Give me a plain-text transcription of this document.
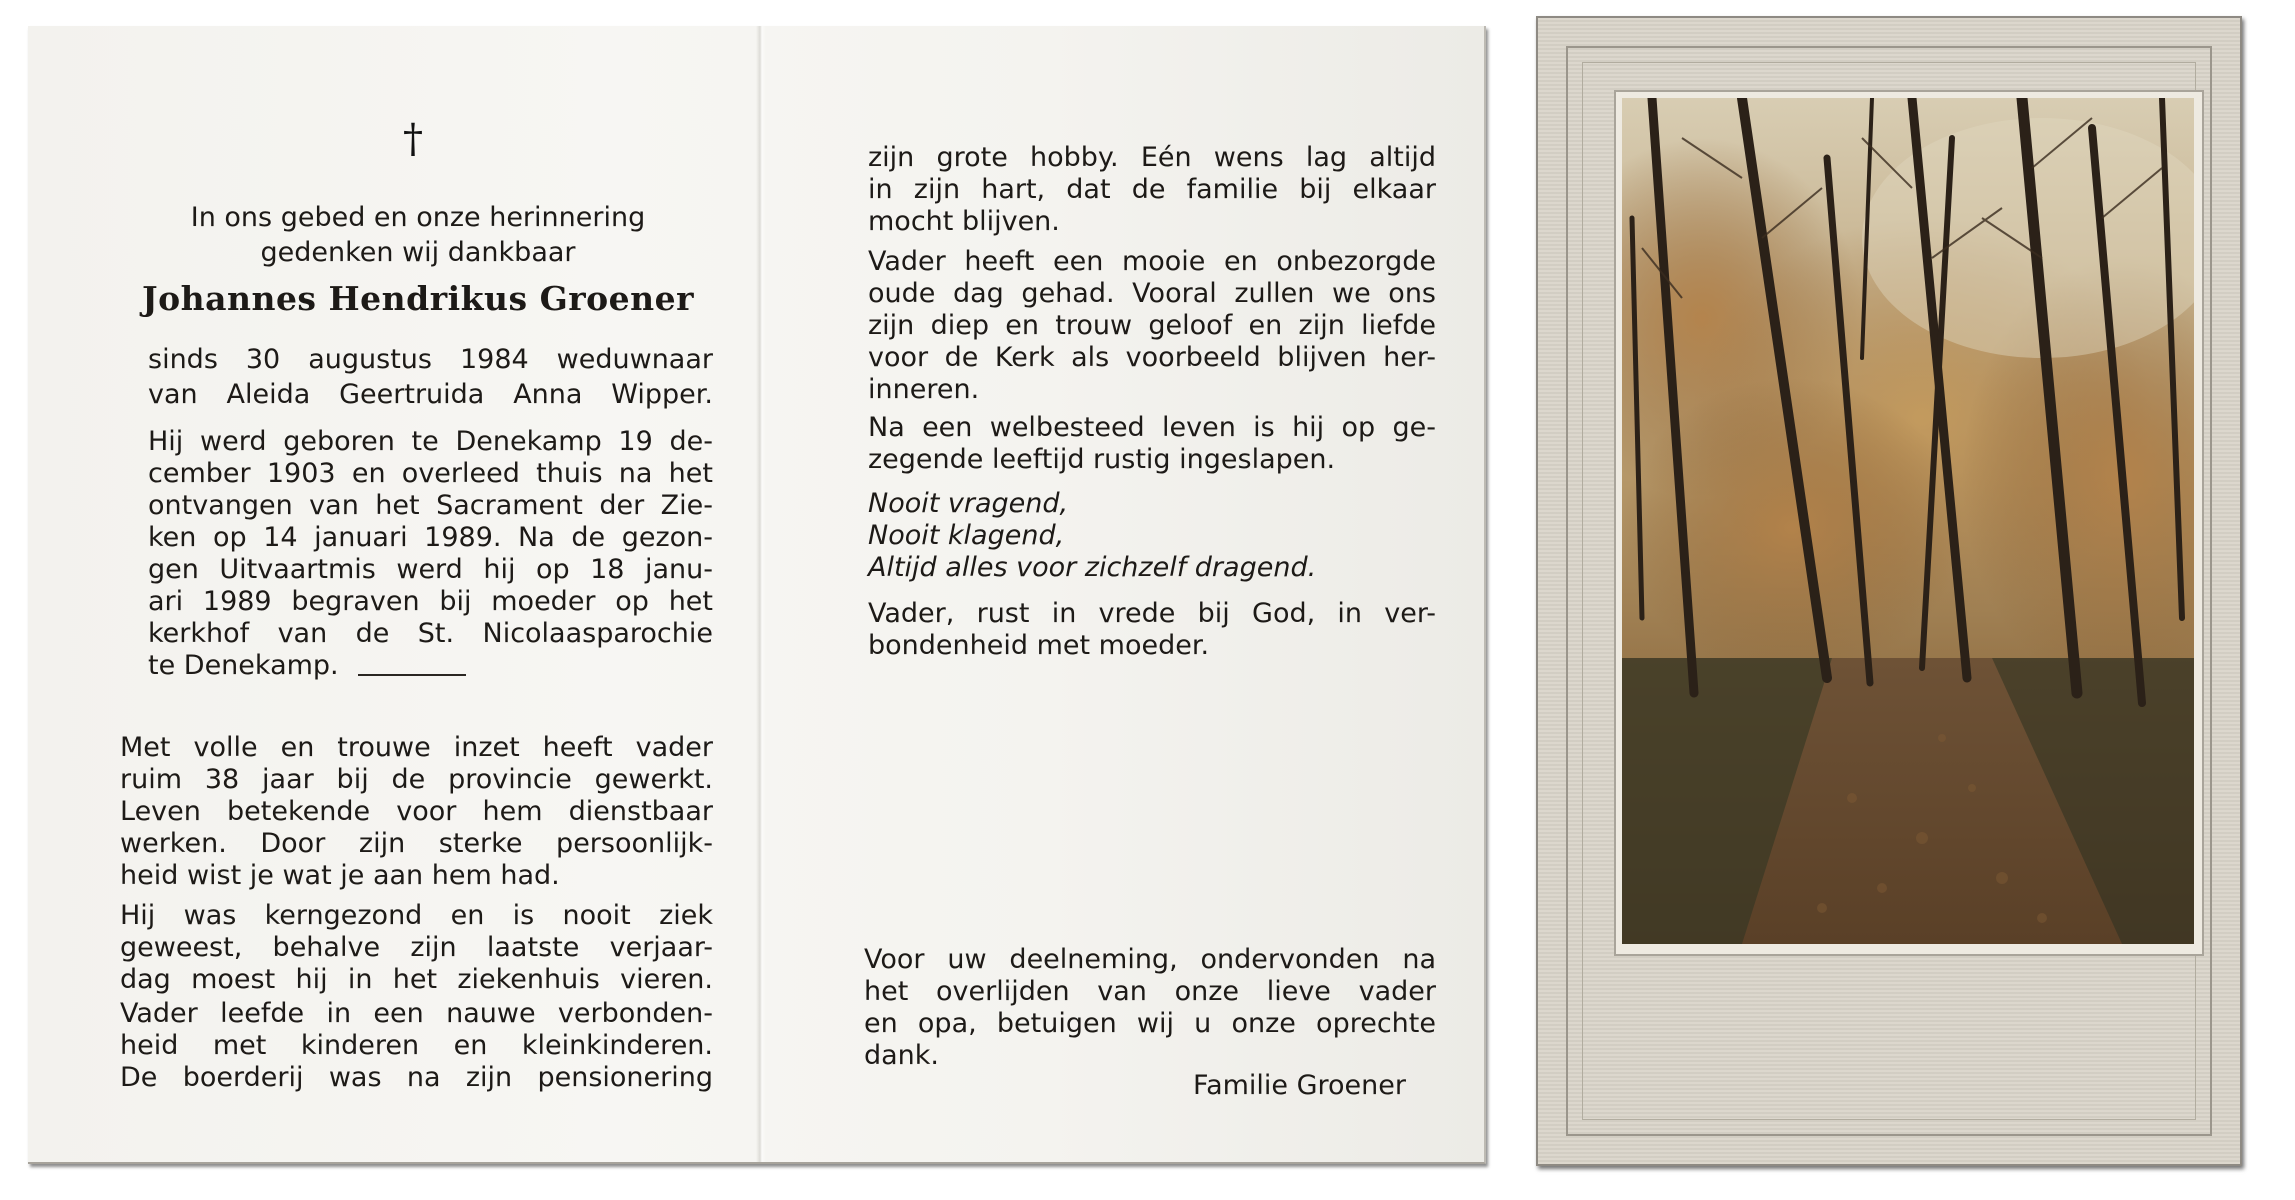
†
In ons gebed en onze herinnering
gedenken wij dankbaar
Johannes Hendrikus Groener
sinds 30 augustus 1984 weduwnaar
van Aleida Geertruida Anna Wipper.
Hij werd geboren te Denekamp 19 de-
cember 1903 en overleed thuis na het
ontvangen van het Sacrament der Zie-
ken op 14 januari 1989. Na de gezon-
gen Uitvaartmis werd hij op 18 janu-
ari 1989 begraven bij moeder op het
kerkhof van de St. Nicolaasparochie
te Denekamp.
Met volle en trouwe inzet heeft vader
ruim 38 jaar bij de provincie gewerkt.
Leven betekende voor hem dienstbaar
werken. Door zijn sterke persoonlijk-
heid wist je wat je aan hem had.
Hij was kerngezond en is nooit ziek
geweest, behalve zijn laatste verjaar-
dag moest hij in het ziekenhuis vieren.
Vader leefde in een nauwe verbonden-
heid met kinderen en kleinkinderen.
De boerderij was na zijn pensionering
zijn grote hobby. Eén wens lag altijd
in zijn hart, dat de familie bij elkaar
mocht blijven.
Vader heeft een mooie en onbezorgde
oude dag gehad. Vooral zullen we ons
zijn diep en trouw geloof en zijn liefde
voor de Kerk als voorbeeld blijven her-
inneren.
Na een welbesteed leven is hij op ge-
zegende leeftijd rustig ingeslapen.
Nooit vragend,
Nooit klagend,
Altijd alles voor zichzelf dragend.
Vader, rust in vrede bij God, in ver-
bondenheid met moeder.
Voor uw deelneming, ondervonden na
het overlijden van onze lieve vader
en opa, betuigen wij u onze oprechte
dank.
Familie Groener
